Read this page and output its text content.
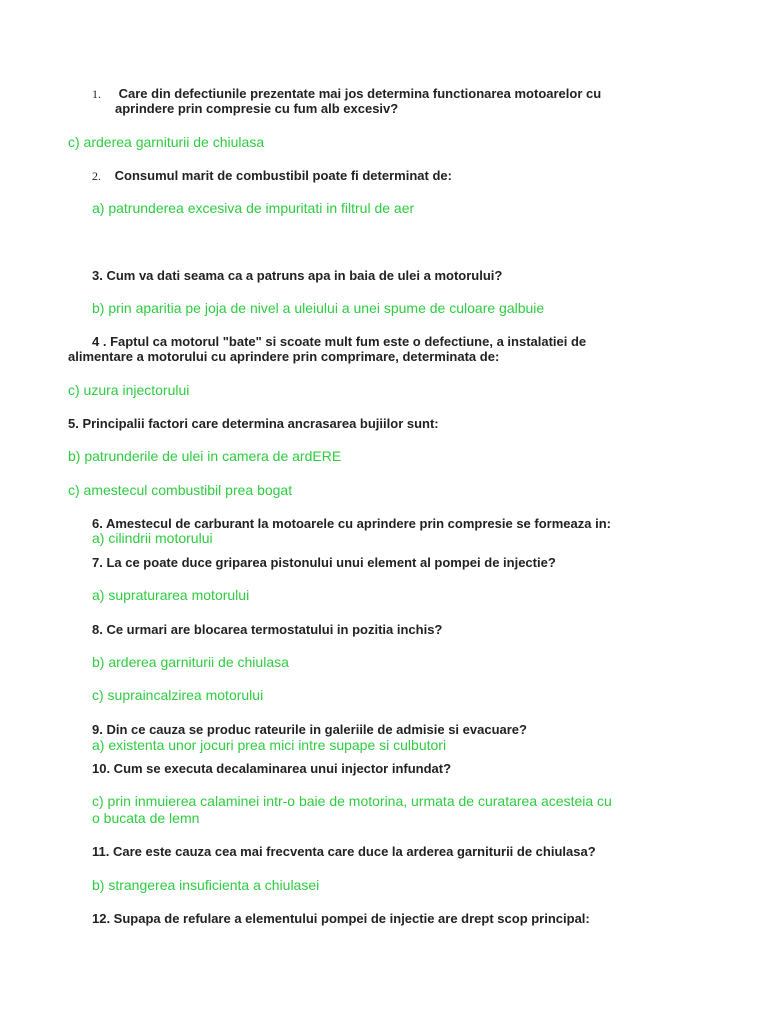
1. Care din defectiunile prezentate mai jos determina functionarea motoarelor cu

aprindere prin compresie cu fum alb excesiv?

c) arderea garniturii de chiulasa

2. Consumul marit de combustibil poate fi determinat de:

a) patrunderea excesiva de impuritati in filtrul de aer

3. Cum va dati seama ca a patruns apa in baia de ulei a motorului?

b) prin aparitia pe joja de nivel a uleiului a unei spume de culoare galbuie

4 . Faptul ca motorul "bate" si scoate mult fum este o defectiune, a instalatiei de

alimentare a motorului cu aprindere prin comprimare, determinata de:

c) uzura injectorului

5. Principalii factori care determina ancrasarea bujiilor sunt:

b) patrunderile de ulei in camera de ardERE

c) amestecul combustibil prea bogat

6. Amestecul de carburant la motoarele cu aprindere prin compresie se formeaza in:

a) cilindrii motorului

7. La ce poate duce griparea pistonului unui element al pompei de injectie?

a) supraturarea motorului

8. Ce urmari are blocarea termostatului in pozitia inchis?

b) arderea garniturii de chiulasa

c) supraincalzirea motorului

9. Din ce cauza se produc rateurile in galeriile de admisie si evacuare?

a) existenta unor jocuri prea mici intre supape si culbutori

10. Cum se executa decalaminarea unui injector infundat?

c) prin inmuierea calaminei intr-o baie de motorina, urmata de curatarea acesteia cu

o bucata de lemn

11. Care este cauza cea mai frecventa care duce la arderea garniturii de chiulasa?

b) strangerea insuficienta a chiulasei

12. Supapa de refulare a elementului pompei de injectie are drept scop principal:
